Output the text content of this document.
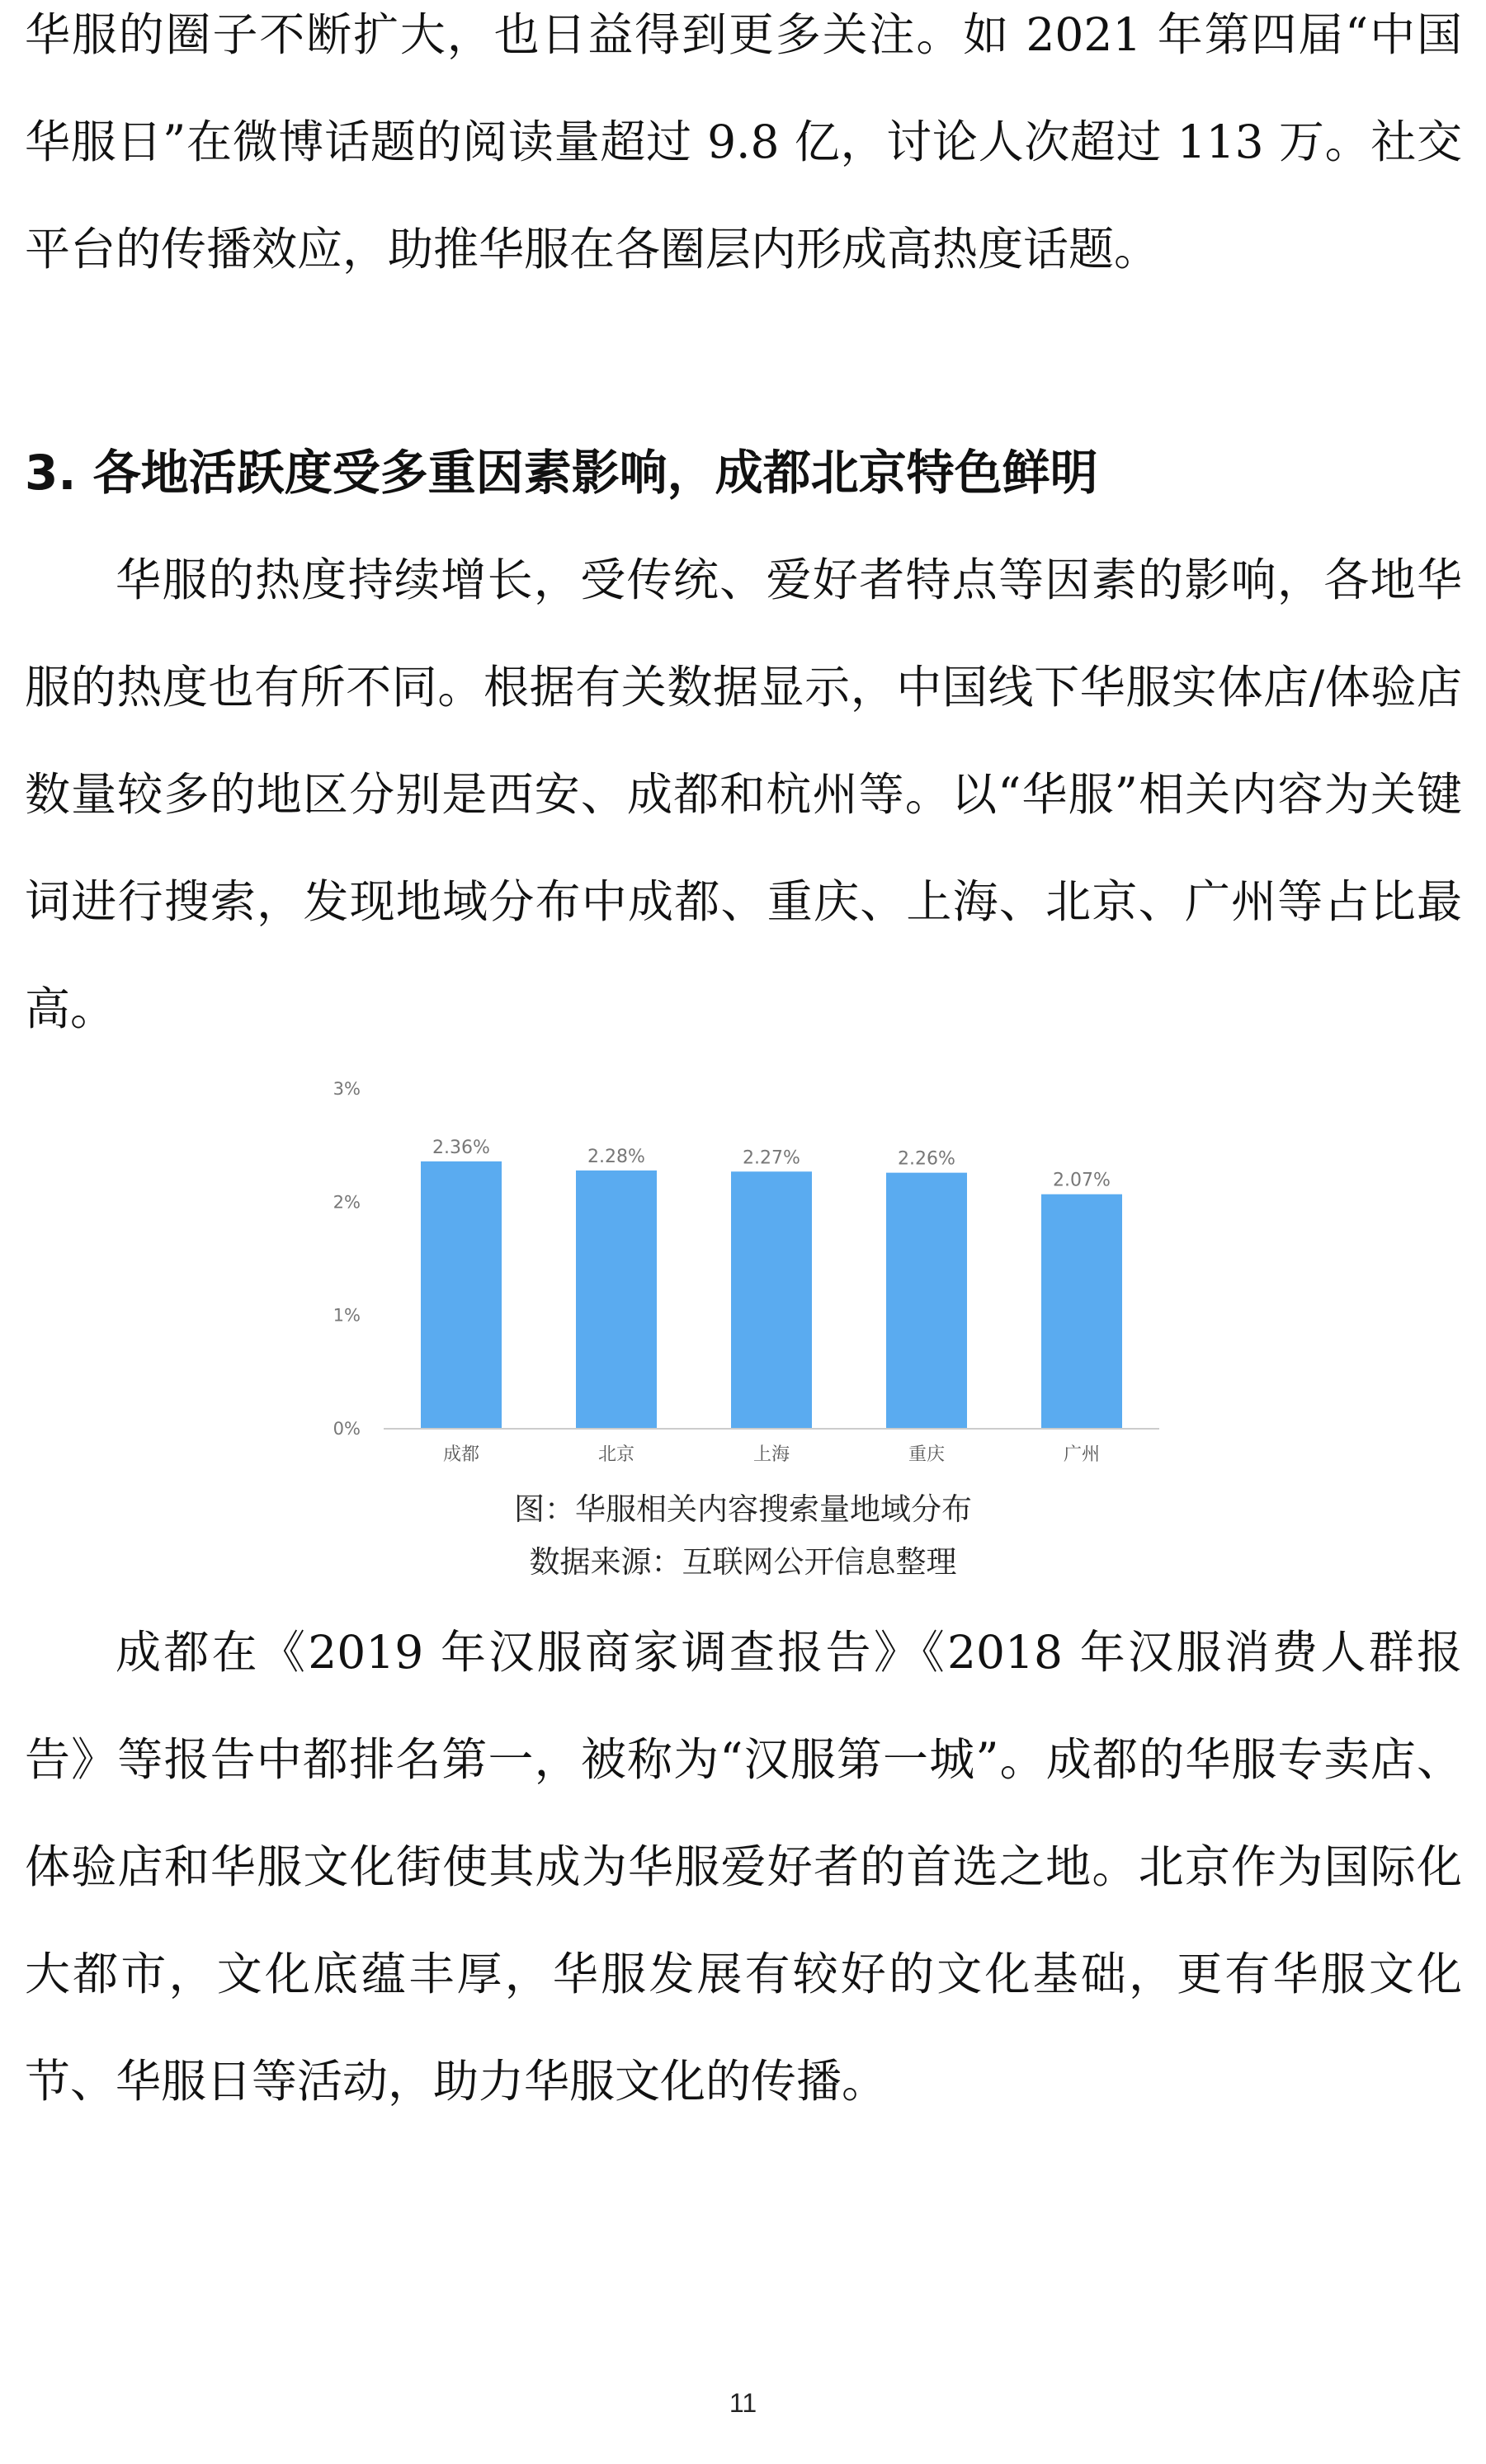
华服的圈子不断扩大，也日益得到更多关注。如 2021 年第四届“中国华服日”在微博话题的阅读量超过 9.8 亿，讨论人次超过 113 万。社交平台的传播效应，助推华服在各圈层内形成高热度话题。

3. 各地活跃度受多重因素影响，成都北京特色鲜明

华服的热度持续增长，受传统、爱好者特点等因素的影响，各地华服的热度也有所不同。根据有关数据显示，中国线下华服实体店/体验店数量较多的地区分别是西安、成都和杭州等。以“华服”相关内容为关键词进行搜索，发现地域分布中成都、重庆、上海、北京、广州等占比最高。

0%
1%
2%
3%
2.36%
成都
2.28%
北京
2.27%
上海
2.26%
重庆
2.07%
广州

图：华服相关内容搜索量地域分布

数据来源：互联网公开信息整理

成都在《2019 年汉服商家调查报告》《2018 年汉服消费人群报告》等报告中都排名第一，被称为“汉服第一城”。成都的华服专卖店、体验店和华服文化街使其成为华服爱好者的首选之地。北京作为国际化大都市，文化底蕴丰厚，华服发展有较好的文化基础，更有华服文化节、华服日等活动，助力华服文化的传播。

11
